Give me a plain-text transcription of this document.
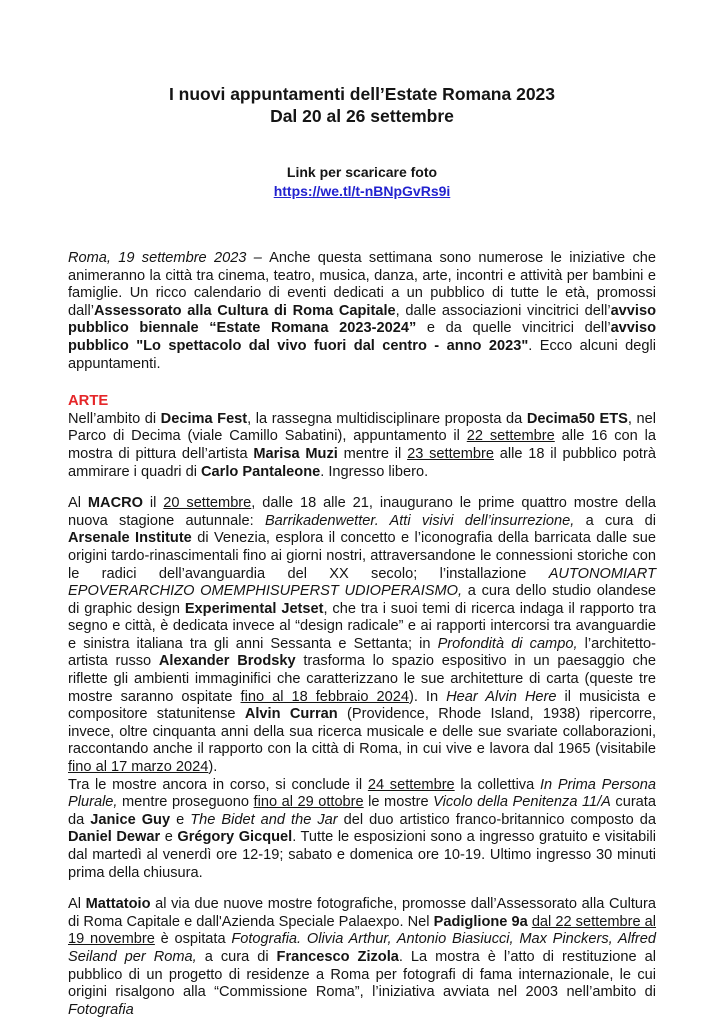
I nuovi appuntamenti dell’Estate Romana 2023
Dal 20 al 26 settembre
Link per scaricare foto
https://we.tl/t-nBNpGvRs9i

Roma, 19 settembre 2023 – Anche questa settimana sono numerose le iniziative che animeranno la città tra cinema, teatro, musica, danza, arte, incontri e attività per bambini e famiglie. Un ricco calendario di eventi dedicati a un pubblico di tutte le età, promossi dall’Assessorato alla Cultura di Roma Capitale, dalle associazioni vincitrici dell’avviso pubblico biennale “Estate Romana 2023-2024” e da quelle vincitrici dell’avviso pubblico "Lo spettacolo dal vivo fuori dal centro - anno 2023". Ecco alcuni degli appuntamenti.

ARTE

Nell’ambito di Decima Fest, la rassegna multidisciplinare proposta da Decima50 ETS, nel Parco di Decima (viale Camillo Sabatini), appuntamento il 22 settembre alle 16 con la mostra di pittura dell’artista Marisa Muzi mentre il 23 settembre alle 18 il pubblico potrà ammirare i quadri di Carlo Pantaleone. Ingresso libero.

Al MACRO il 20 settembre, dalle 18 alle 21, inaugurano le prime quattro mostre della nuova stagione autunnale: Barrikadenwetter. Atti visivi dell’insurrezione, a cura di Arsenale Institute di Venezia, esplora il concetto e l’iconografia della barricata dalle sue origini tardo-rinascimentali fino ai giorni nostri, attraversandone le connessioni storiche con le radici dell’avanguardia del XX secolo; l’installazione AUTONOMIART EPOVERARCHIZO OMEMPHISUPERST UDIOPERAISMO, a cura dello studio olandese di graphic design Experimental Jetset, che tra i suoi temi di ricerca indaga il rapporto tra segno e città, è dedicata invece al “design radicale” e ai rapporti intercorsi tra avanguardie e sinistra italiana tra gli anni Sessanta e Settanta; in Profondità di campo, l’architetto-artista russo Alexander Brodsky trasforma lo spazio espositivo in un paesaggio che riflette gli ambienti immaginifici che caratterizzano le sue architetture di carta (queste tre mostre saranno ospitate fino al 18 febbraio 2024). In Hear Alvin Here il musicista e compositore statunitense Alvin Curran (Providence, Rhode Island, 1938) ripercorre, invece, oltre cinquanta anni della sua ricerca musicale e delle sue svariate collaborazioni, raccontando anche il rapporto con la città di Roma, in cui vive e lavora dal 1965 (visitabile fino al 17 marzo 2024).
Tra le mostre ancora in corso, si conclude il 24 settembre la collettiva In Prima Persona Plurale, mentre proseguono fino al 29 ottobre le mostre Vicolo della Penitenza 11/A curata da Janice Guy e The Bidet and the Jar del duo artistico franco-britannico composto da Daniel Dewar e Grégory Gicquel. Tutte le esposizioni sono a ingresso gratuito e visitabili dal martedì al venerdì ore 12-19; sabato e domenica ore 10-19. Ultimo ingresso 30 minuti prima della chiusura.

Al Mattatoio al via due nuove mostre fotografiche, promosse dall’Assessorato alla Cultura di Roma Capitale e dall'Azienda Speciale Palaexpo. Nel Padiglione 9a dal 22 settembre al 19 novembre è ospitata Fotografia. Olivia Arthur, Antonio Biasiucci, Max Pinckers, Alfred Seiland per Roma, a cura di Francesco Zizola. La mostra è l’atto di restituzione al pubblico di un progetto di residenze a Roma per fotografi di fama internazionale, le cui origini risalgono alla “Commissione Roma”, l’iniziativa avviata nel 2003 nell’ambito di Fotografia
